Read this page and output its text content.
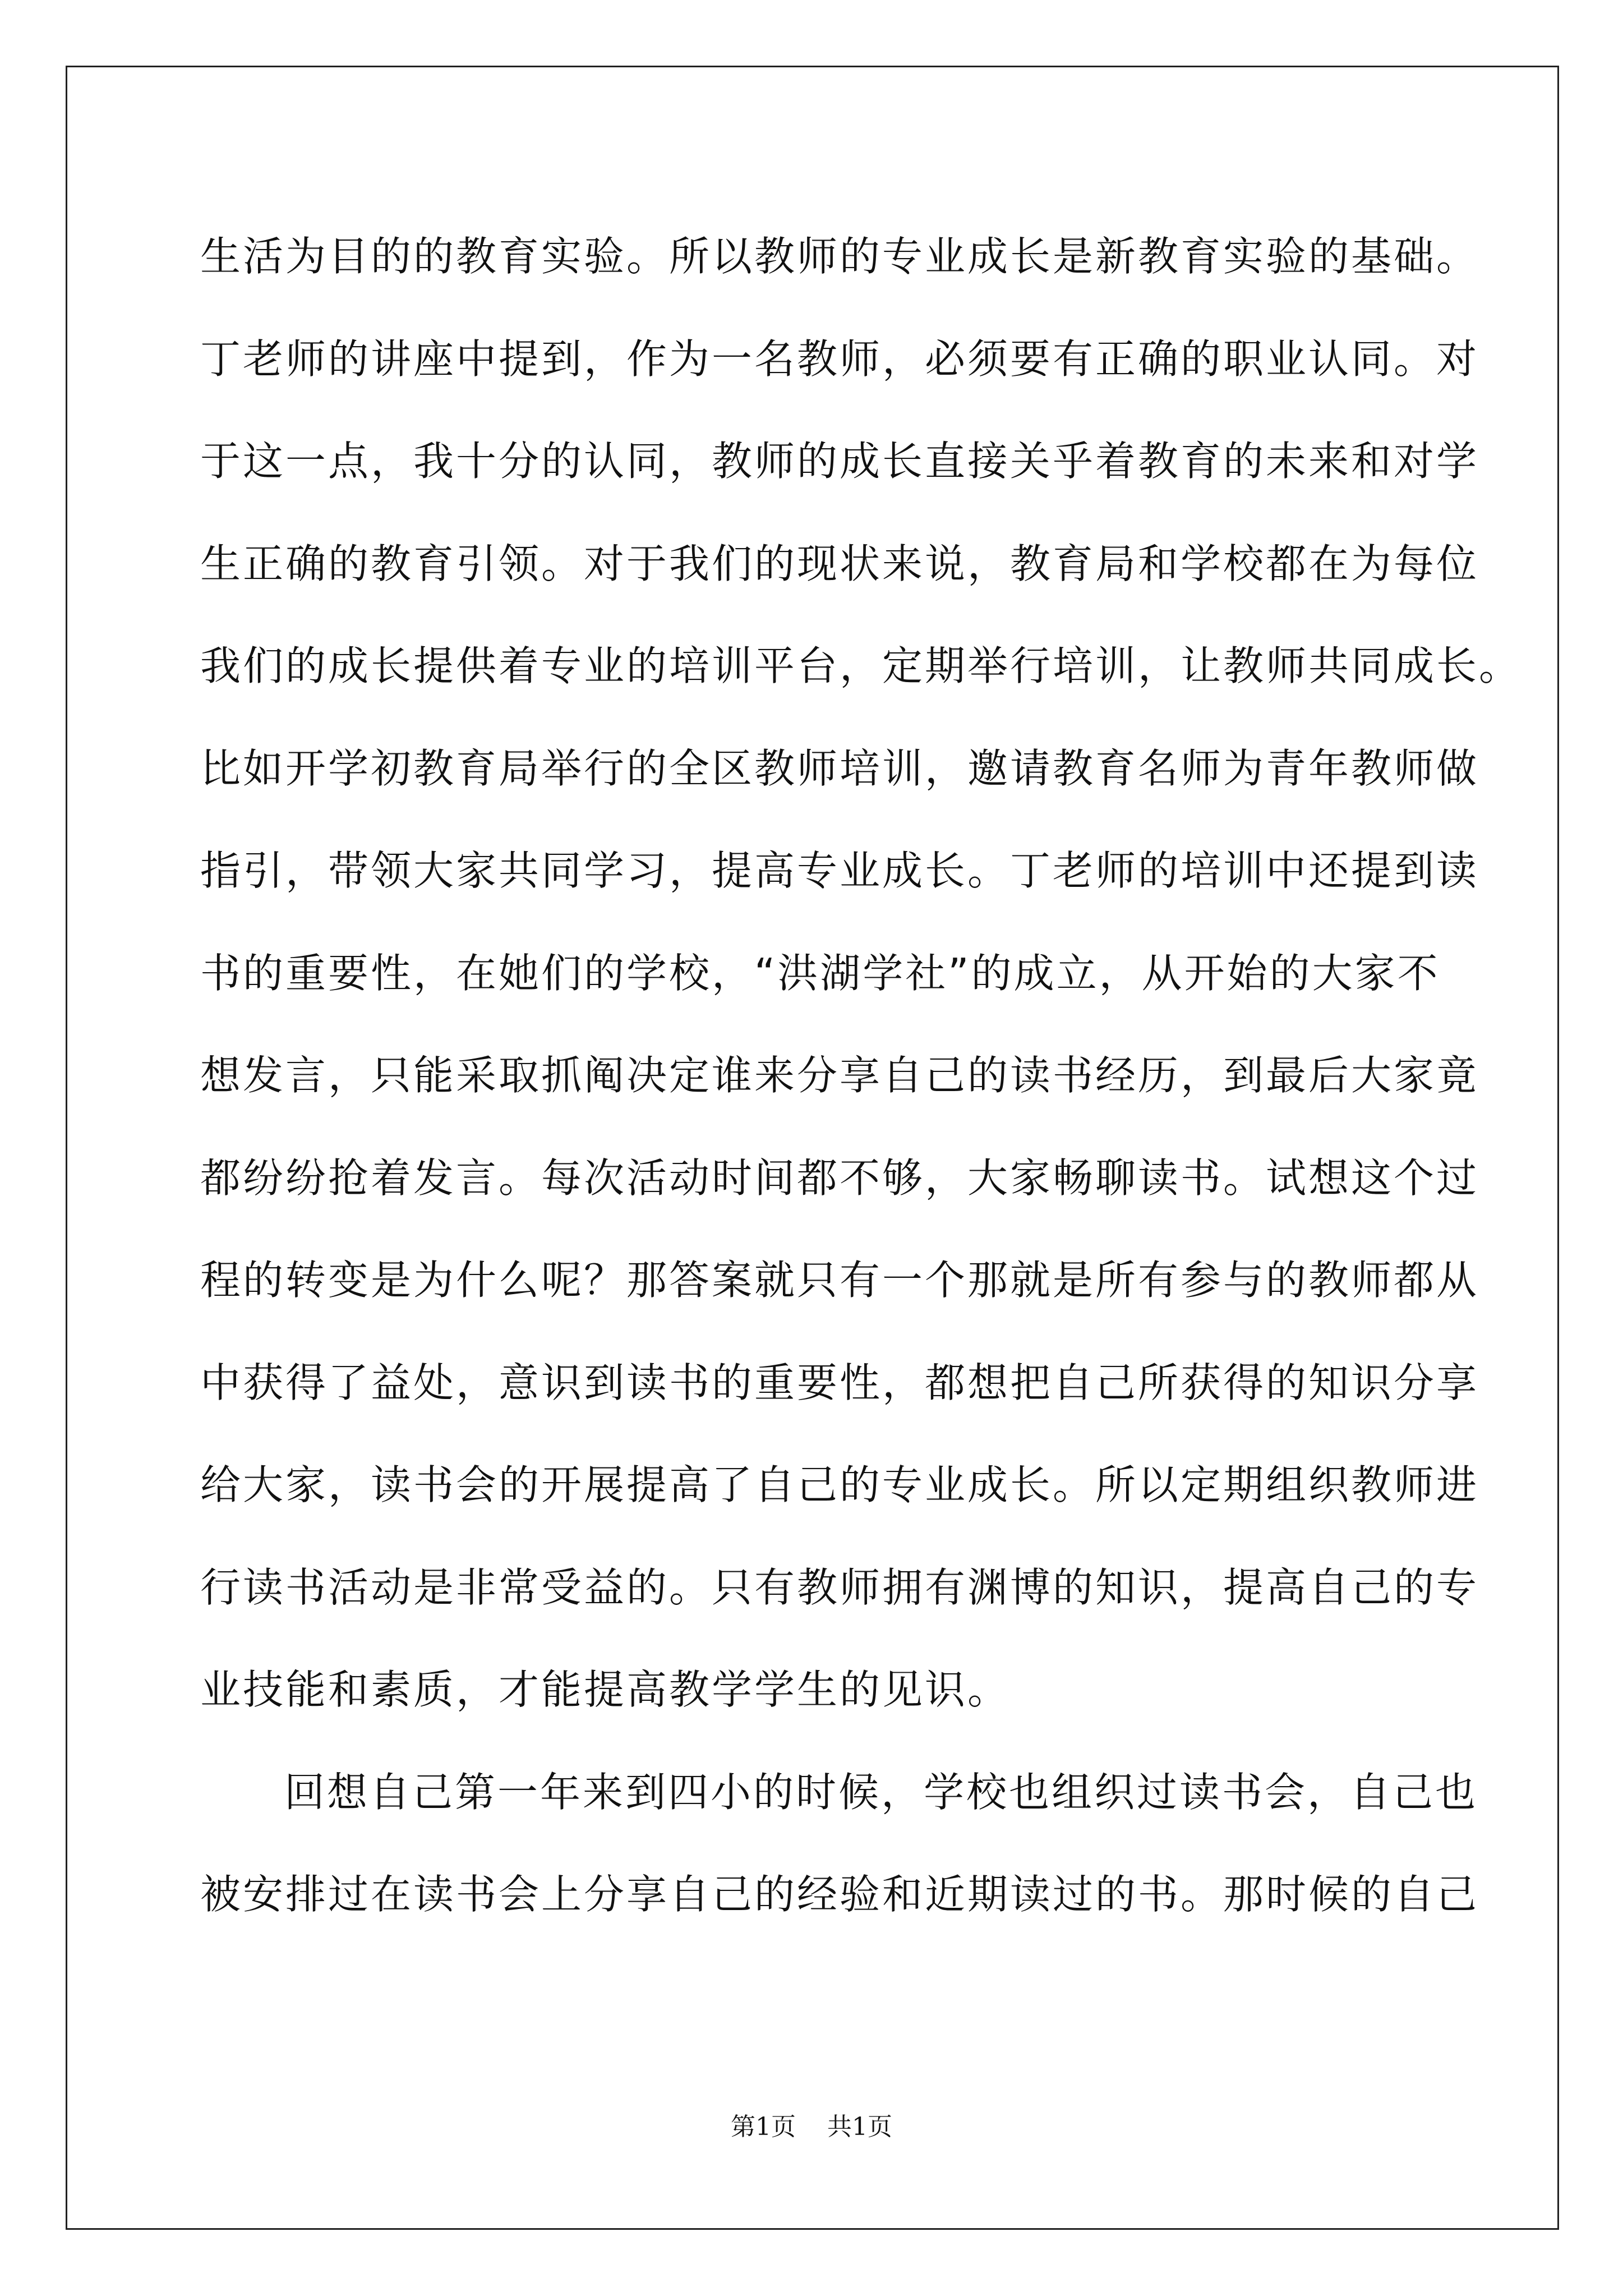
生活为目的的教育实验。所以教师的专业成长是新教育实验的基础。
丁老师的讲座中提到，作为一名教师，必须要有正确的职业认同。对
于这一点，我十分的认同，教师的成长直接关乎着教育的未来和对学
生正确的教育引领。对于我们的现状来说，教育局和学校都在为每位
我们的成长提供着专业的培训平台，定期举行培训，让教师共同成长。
比如开学初教育局举行的全区教师培训，邀请教育名师为青年教师做
指引，带领大家共同学习，提高专业成长。丁老师的培训中还提到读
书的重要性，在她们的学校，“洪湖学社”的成立，从开始的大家不
想发言，只能采取抓阄决定谁来分享自己的读书经历，到最后大家竟
都纷纷抢着发言。每次活动时间都不够，大家畅聊读书。试想这个过
程的转变是为什么呢？那答案就只有一个那就是所有参与的教师都从
中获得了益处，意识到读书的重要性，都想把自己所获得的知识分享
给大家，读书会的开展提高了自己的专业成长。所以定期组织教师进
行读书活动是非常受益的。只有教师拥有渊博的知识，提高自己的专
业技能和素质，才能提高教学学生的见识。
回想自己第一年来到四小的时候，学校也组织过读书会，自己也
被安排过在读书会上分享自己的经验和近期读过的书。那时候的自己
第1页 共1页
